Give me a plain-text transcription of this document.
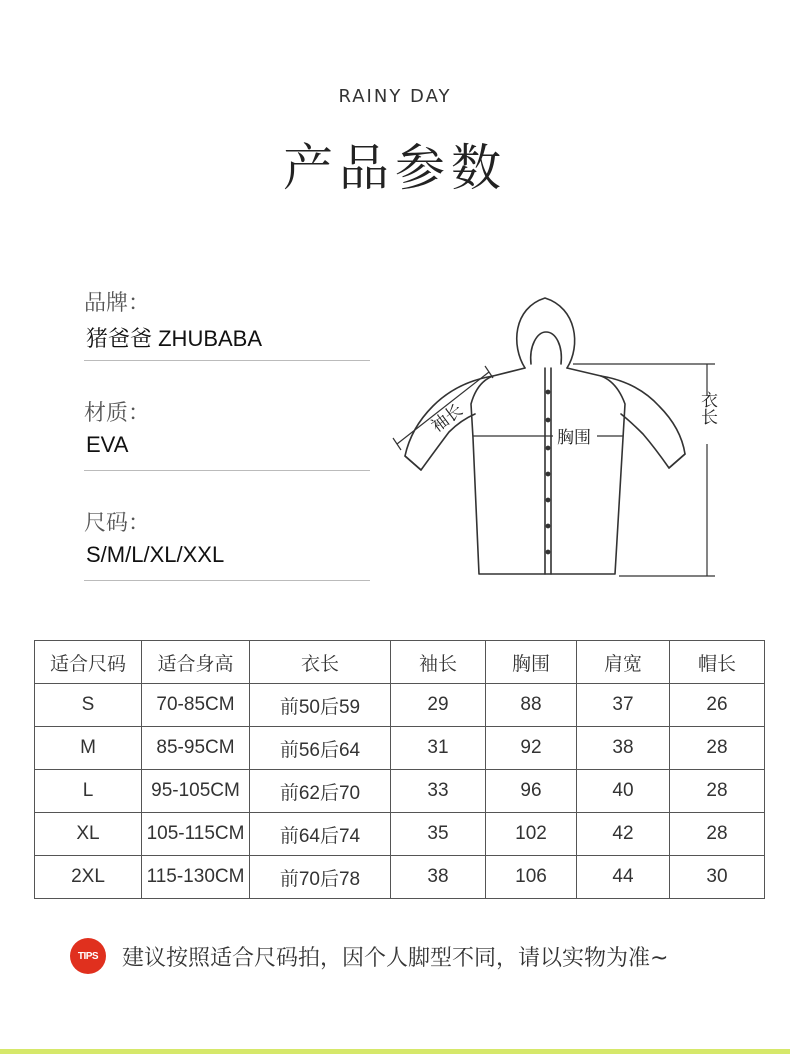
RAINY DAY
产品参数
品牌：
猪爸爸 ZHUBABA
材质：
EVA
尺码：
S/M/L/XL/XXL
袖长
胸围
衣长
适合尺码	适合身高	衣长	袖长	胸围	肩宽	帽长
S	70-85CM	前50后59	29	88	37	26
M	85-95CM	前56后64	31	92	38	28
L	95-105CM	前62后70	33	96	40	28
XL	105-115CM	前64后74	35	102	42	28
2XL	115-130CM	前70后78	38	106	44	30
TIPS	建议按照适合尺码拍，因个人脚型不同，请以实物为准~
